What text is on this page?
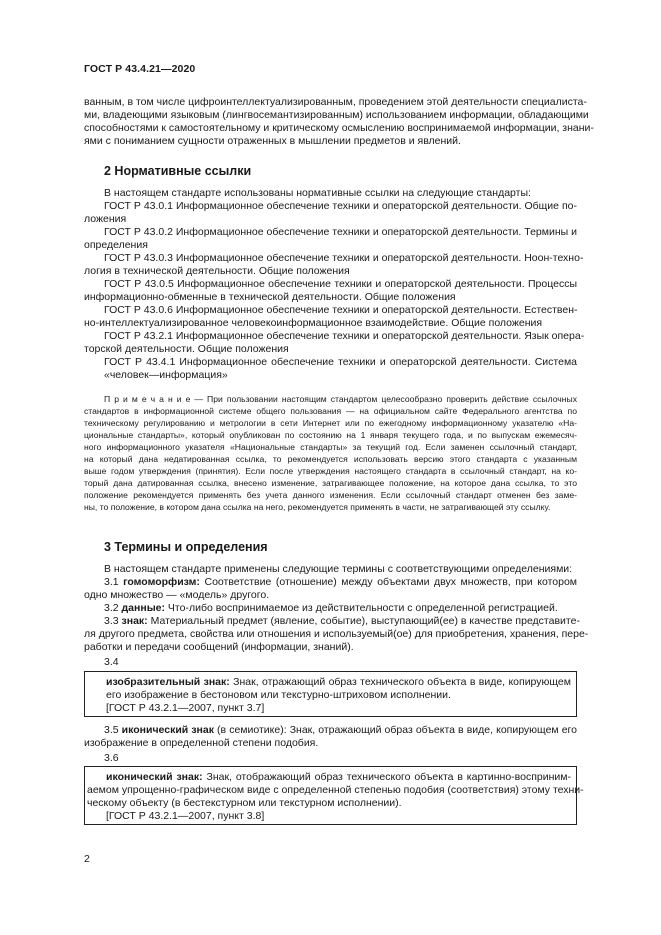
ГОСТ Р 43.4.21—2020
ванным, в том числе цифроинтеллектуализированным, проведением этой деятельности специалиста-
ми, владеющими языковым (лингвосемантизированным) использованием информации, обладающими
способностями к самостоятельному и критическому осмыслению воспринимаемой информации, знани-
ями с пониманием сущности отраженных в мышлении предметов и явлений.
2 Нормативные ссылки
В настоящем стандарте использованы нормативные ссылки на следующие стандарты:
ГОСТ Р 43.0.1 Информационное обеспечение техники и операторской деятельности. Общие по-
ложения
ГОСТ Р 43.0.2 Информационное обеспечение техники и операторской деятельности. Термины и
определения
ГОСТ Р 43.0.3 Информационное обеспечение техники и операторской деятельности. Ноон-техно-
логия в технической деятельности. Общие положения
ГОСТ Р 43.0.5 Информационное обеспечение техники и операторской деятельности. Процессы
информационно-обменные в технической деятельности. Общие положения
ГОСТ Р 43.0.6 Информационное обеспечение техники и операторской деятельности. Естествен-
но-интеллектуализированное человекоинформационное взаимодействие. Общие положения
ГОСТ Р 43.2.1 Информационное обеспечение техники и операторской деятельности. Язык опера-
торской деятельности. Общие положения
ГОСТ Р 43.4.1 Информационное обеспечение техники и операторской деятельности. Система
«человек—информация»
П р и м е ч а н и е — При пользовании настоящим стандартом целесообразно проверить действие ссылочных
стандартов в информационной системе общего пользования — на официальном сайте Федерального агентства по
техническому регулированию и метрологии в сети Интернет или по ежегодному информационному указателю «На-
циональные стандарты», который опубликован по состоянию на 1 января текущего года, и по выпускам ежемесяч-
ного информационного указателя «Национальные стандарты» за текущий год. Если заменен ссылочный стандарт,
на который дана недатированная ссылка, то рекомендуется использовать версию этого стандарта с указанным
выше годом утверждения (принятия). Если после утверждения настоящего стандарта в ссылочный стандарт, на ко-
торый дана датированная ссылка, внесено изменение, затрагивающее положение, на которое дана ссылка, то это
положение рекомендуется применять без учета данного изменения. Если ссылочный стандарт отменен без заме-
ны, то положение, в котором дана ссылка на него, рекомендуется применять в части, не затрагивающей эту ссылку.
3 Термины и определения
В настоящем стандарте применены следующие термины с соответствующими определениями:
3.1 гомоморфизм: Соответствие (отношение) между объектами двух множеств, при котором
одно множество — «модель» другого.
3.2 данные: Что-либо воспринимаемое из действительности с определенной регистрацией.
3.3 знак: Материальный предмет (явление, событие), выступающий(ее) в качестве представите-
ля другого предмета, свойства или отношения и используемый(ое) для приобретения, хранения, пере-
работки и передачи сообщений (информации, знаний).
3.4
изобразительный знак: Знак, отражающий образ технического объекта в виде, копирующем
его изображение в бестоновом или текстурно-штриховом исполнении.
[ГОСТ Р 43.2.1—2007, пункт 3.7]
3.5 иконический знак (в семиотике): Знак, отражающий образ объекта в виде, копирующем его
изображение в определенной степени подобия.
3.6
иконический знак: Знак, отображающий образ технического объекта в картинно-восприним-
аемом упрощенно-графическом виде с определенной степенью подобия (соответствия) этому техни-
ческому объекту (в бестекстурном или текстурном исполнении).
[ГОСТ Р 43.2.1—2007, пункт 3.8]
2
